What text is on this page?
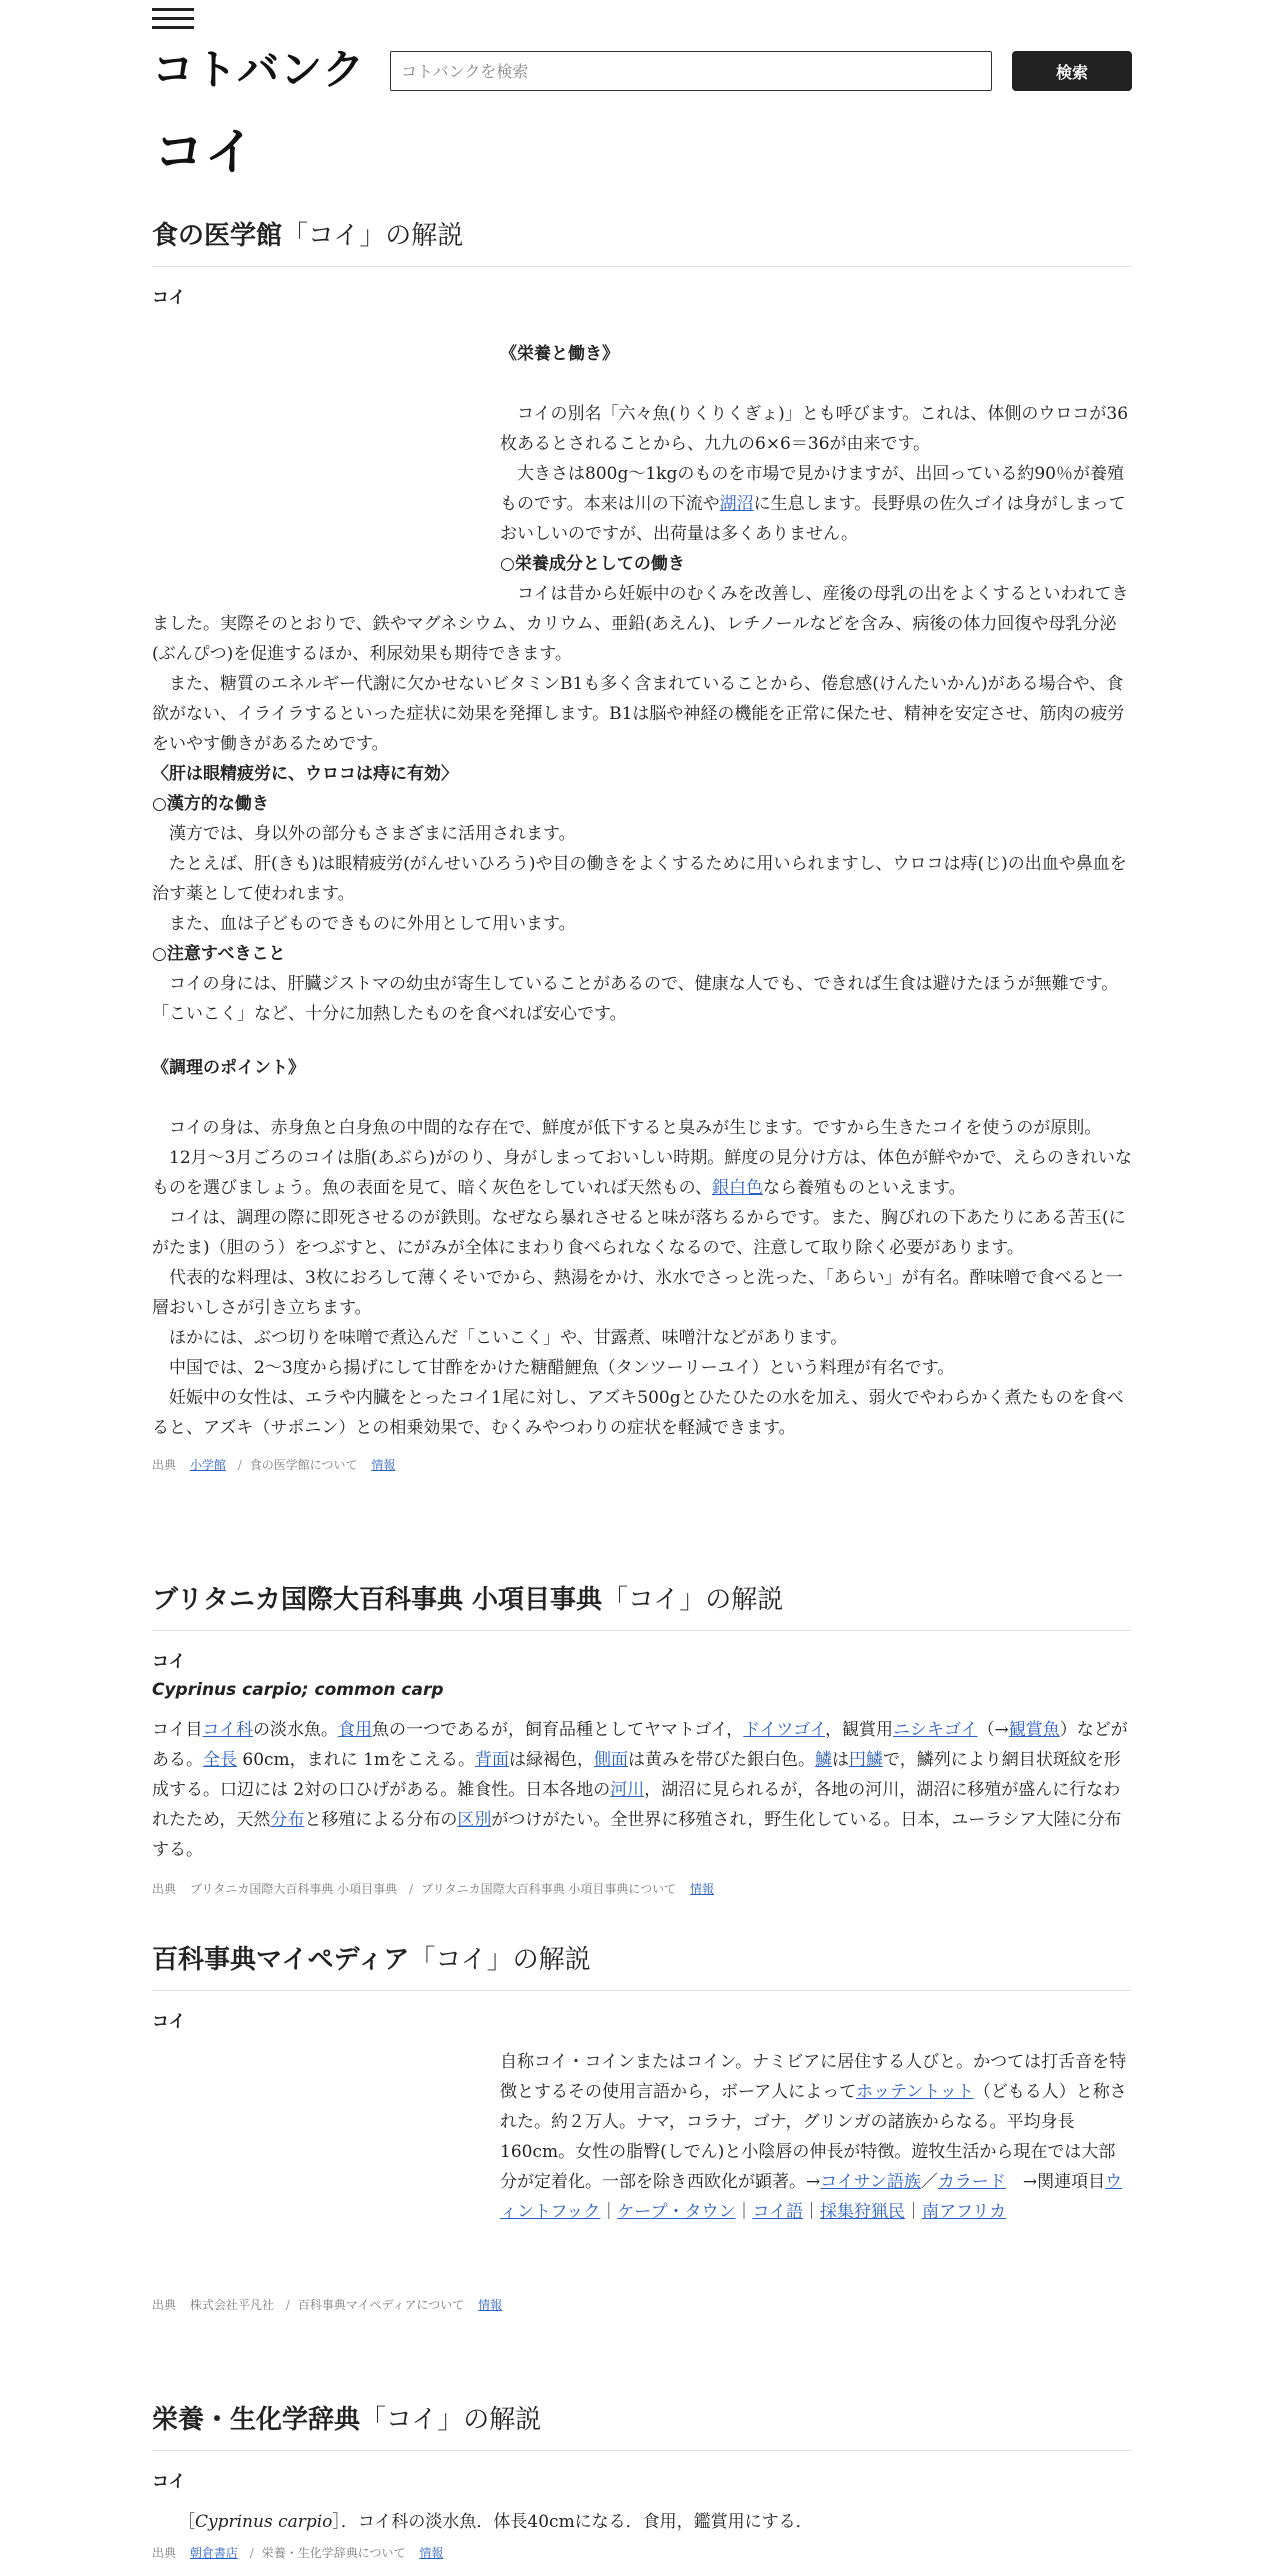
コトバンク
コトバンクを検索	検索
コイ
食の医学館「コイ」の解説
コイ
《栄養と働き》
コイの別名「六々魚(りくりくぎょ)」とも呼びます。これは、体側のウロコが36枚あるとされることから、九九の6×6＝36が由来です。
大きさは800g～1kgのものを市場で見かけますが、出回っている約90％が養殖ものです。本来は川の下流や湖沼に生息します。長野県の佐久ゴイは身がしまっておいしいのですが、出荷量は多くありません。
○栄養成分としての働き
コイは昔から妊娠中のむくみを改善し、産後の母乳の出をよくするといわれてきました。実際そのとおりで、鉄やマグネシウム、カリウム、亜鉛(あえん)、レチノールなどを含み、病後の体力回復や母乳分泌(ぶんぴつ)を促進するほか、利尿効果も期待できます。
また、糖質のエネルギー代謝に欠かせないビタミンB1も多く含まれていることから、倦怠感(けんたいかん)がある場合や、食欲がない、イライラするといった症状に効果を発揮します。B1は脳や神経の機能を正常に保たせ、精神を安定させ、筋肉の疲労をいやす働きがあるためです。
〈肝は眼精疲労に、ウロコは痔に有効〉
○漢方的な働き
漢方では、身以外の部分もさまざまに活用されます。
たとえば、肝(きも)は眼精疲労(がんせいひろう)や目の働きをよくするために用いられますし、ウロコは痔(じ)の出血や鼻血を治す薬として使われます。
また、血は子どものできものに外用として用います。
○注意すべきこと
コイの身には、肝臓ジストマの幼虫が寄生していることがあるので、健康な人でも、できれば生食は避けたほうが無難です。「こいこく」など、十分に加熱したものを食べれば安心です。
《調理のポイント》
コイの身は、赤身魚と白身魚の中間的な存在で、鮮度が低下すると臭みが生じます。ですから生きたコイを使うのが原則。
12月～3月ごろのコイは脂(あぶら)がのり、身がしまっておいしい時期。鮮度の見分け方は、体色が鮮やかで、えらのきれいなものを選びましょう。魚の表面を見て、暗く灰色をしていれば天然もの、銀白色なら養殖ものといえます。
コイは、調理の際に即死させるのが鉄則。なぜなら暴れさせると味が落ちるからです。また、胸びれの下あたりにある苦玉(にがたま)（胆のう）をつぶすと、にがみが全体にまわり食べられなくなるので、注意して取り除く必要があります。
代表的な料理は、3枚におろして薄くそいでから、熱湯をかけ、氷水でさっと洗った、「あらい」が有名。酢味噌で食べると一層おいしさが引き立ちます。
ほかには、ぶつ切りを味噌で煮込んだ「こいこく」や、甘露煮、味噌汁などがあります。
中国では、2～3度から揚げにして甘酢をかけた糖醋鯉魚（タンツーリーユイ）という料理が有名です。
妊娠中の女性は、エラや内臓をとったコイ1尾に対し、アズキ500gとひたひたの水を加え、弱火でやわらかく煮たものを食べると、アズキ（サポニン）との相乗効果で、むくみやつわりの症状を軽減できます。
出典 小学館 / 食の医学館について 情報
ブリタニカ国際大百科事典 小項目事典「コイ」の解説
コイ
Cyprinus carpio; common carp
コイ目コイ科の淡水魚。食用魚の一つであるが，飼育品種としてヤマトゴイ，ドイツゴイ，観賞用ニシキゴイ（→観賞魚）などがある。全長 60cm，まれに 1mをこえる。背面は緑褐色，側面は黄みを帯びた銀白色。鱗は円鱗で，鱗列により網目状斑紋を形成する。口辺には 2対の口ひげがある。雑食性。日本各地の河川，湖沼に見られるが，各地の河川，湖沼に移殖が盛んに行なわれたため，天然分布と移殖による分布の区別がつけがたい。全世界に移殖され，野生化している。日本，ユーラシア大陸に分布する。
出典 ブリタニカ国際大百科事典 小項目事典 / ブリタニカ国際大百科事典 小項目事典について 情報
百科事典マイペディア「コイ」の解説
コイ
自称コイ・コインまたはコイン。ナミビアに居住する人びと。かつては打舌音を特徴とするその使用言語から，ボーア人によってホッテントット（どもる人）と称された。約２万人。ナマ，コラナ，ゴナ，グリンガの諸族からなる。平均身長160cm。女性の脂臀(しでん)と小陰唇の伸長が特徴。遊牧生活から現在では大部分が定着化。一部を除き西欧化が顕著。→コイサン語族／カラード　→関連項目ウィントフック｜ケープ・タウン｜コイ語｜採集狩猟民｜南アフリカ
出典 株式会社平凡社 / 百科事典マイペディアについて 情報
栄養・生化学辞典「コイ」の解説
コイ
［Cyprinus carpio］．コイ科の淡水魚．体長40cmになる．食用，鑑賞用にする．
出典 朝倉書店 / 栄養・生化学辞典について 情報
